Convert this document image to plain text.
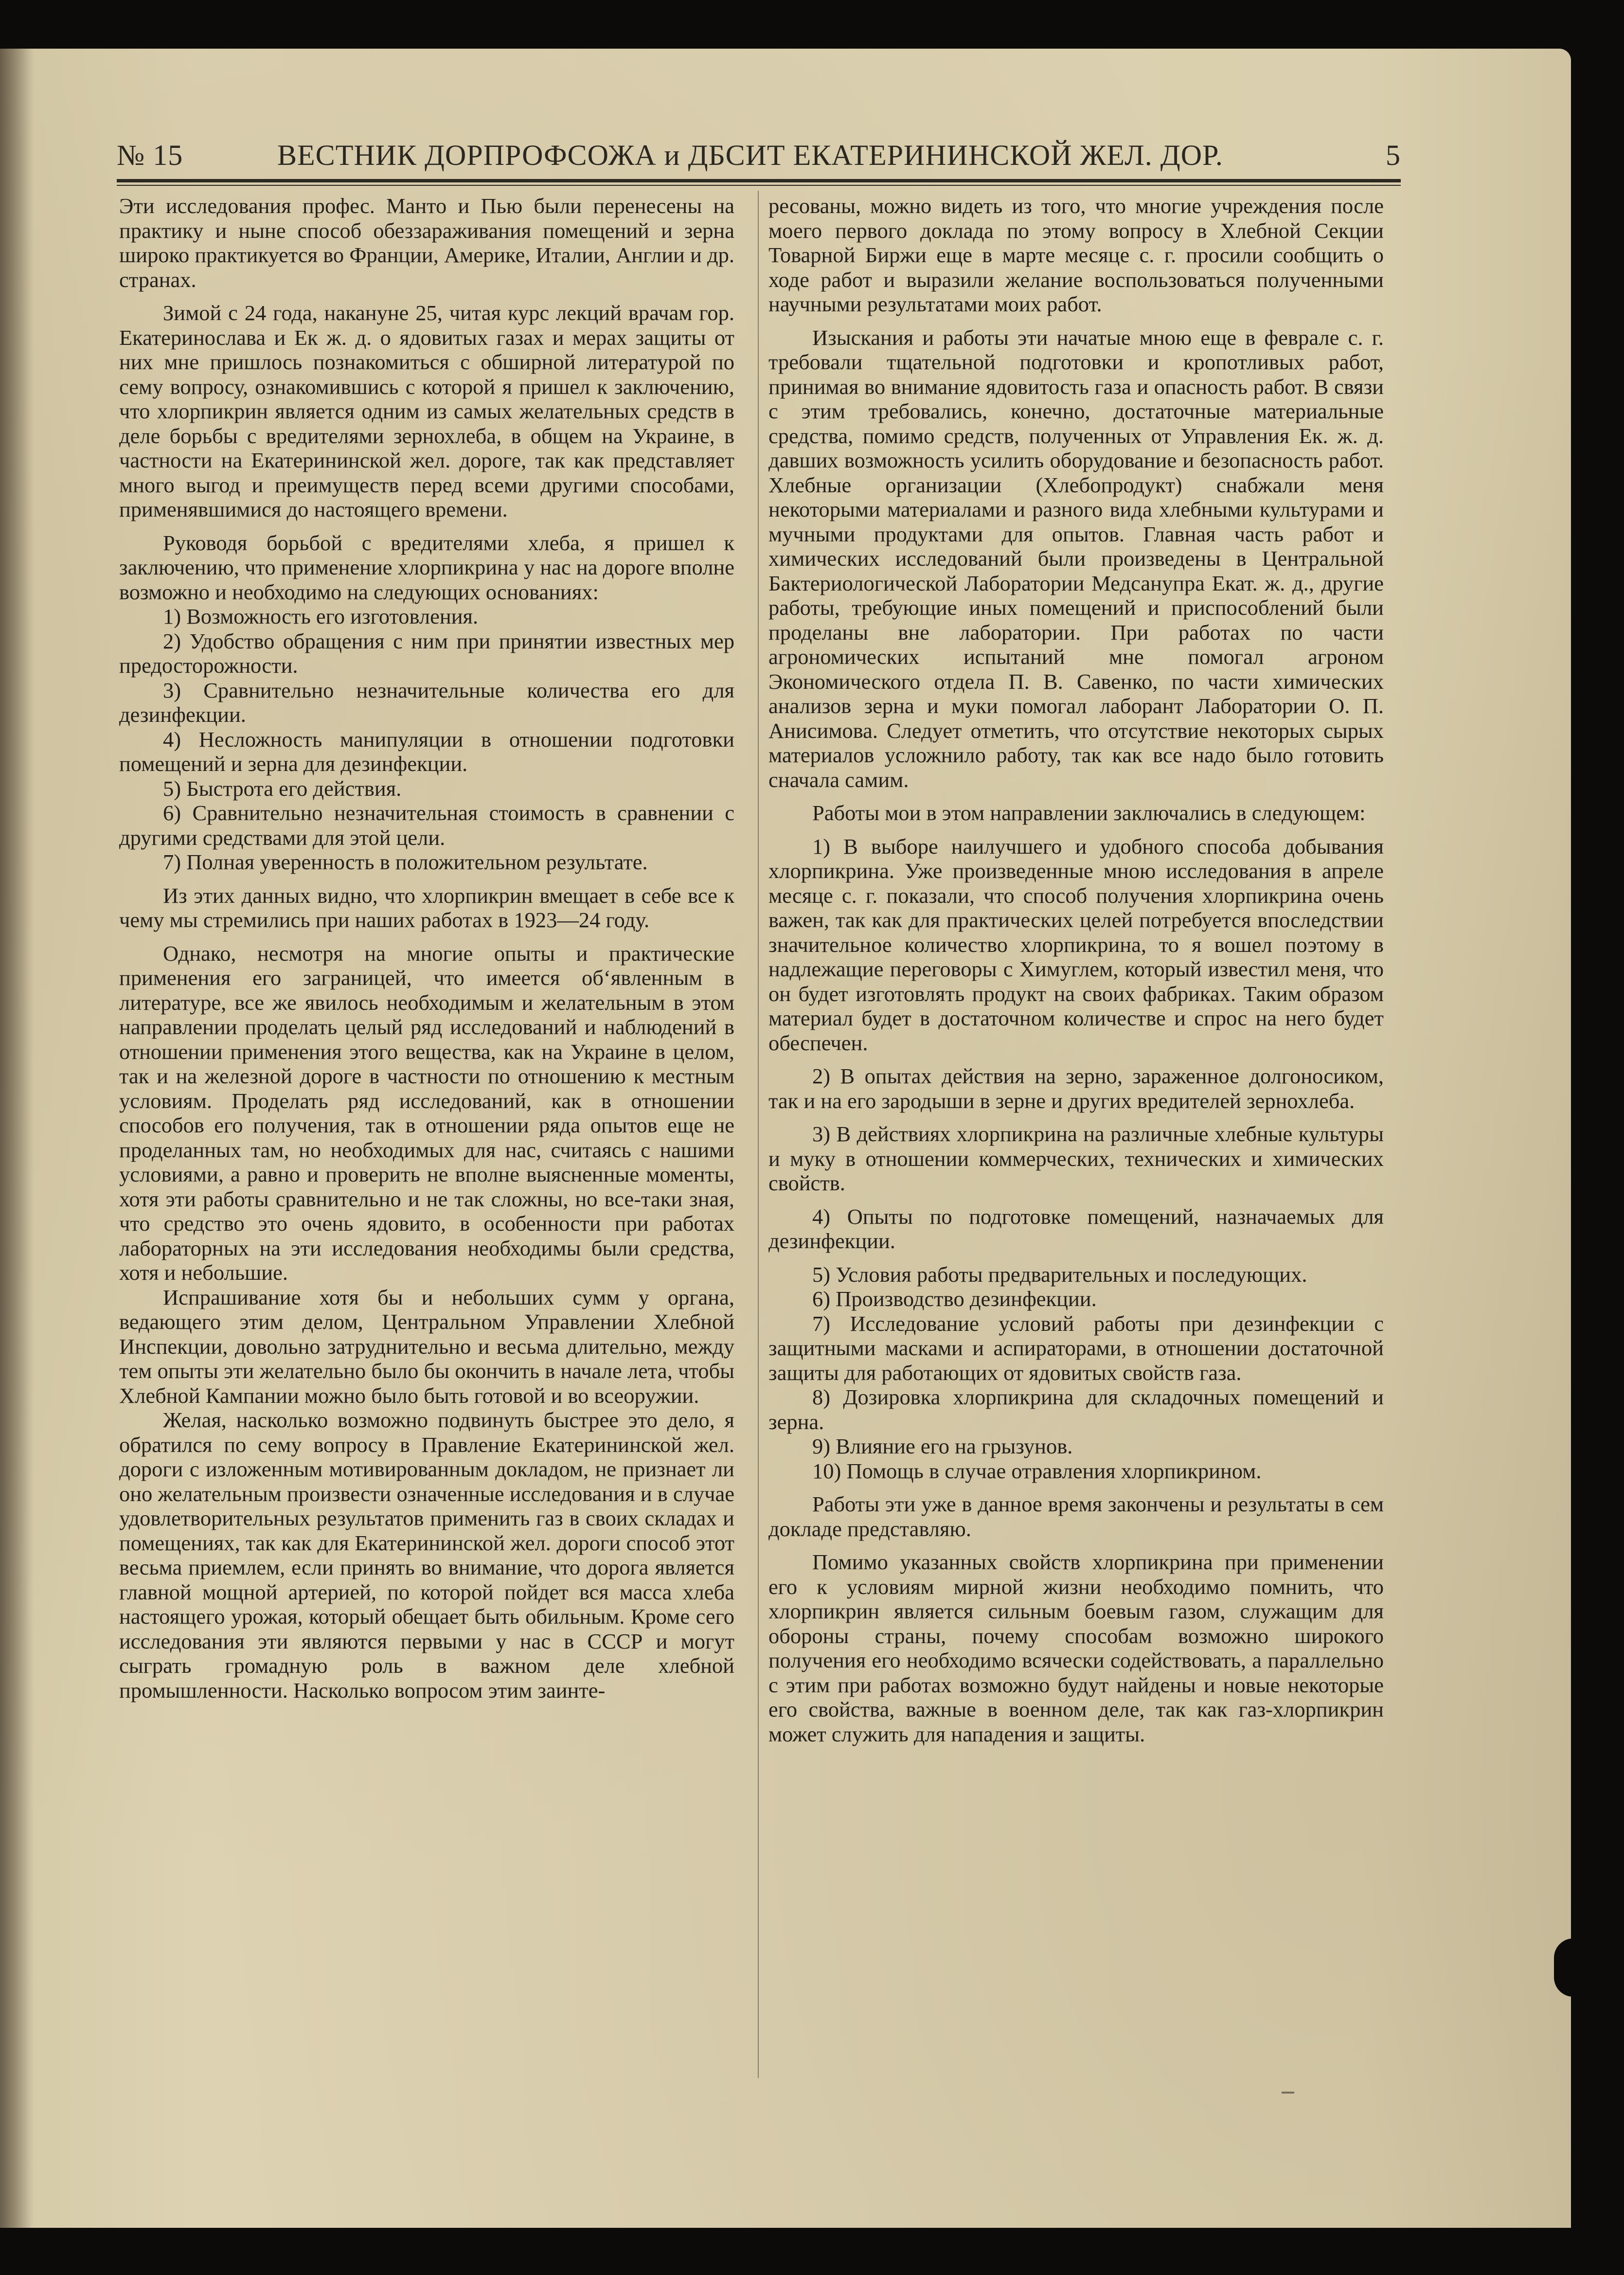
№ 15	ВЕСТНИК ДОРПРОФСОЖА и ДБСИТ ЕКАТЕРИНИНСКОЙ ЖЕЛ. ДОР.	5

Эти исследования профес. Манто и Пью были перенесены на практику и ныне способ обеззараживания помещений и зерна широко практикуется во Франции, Америке, Италии, Англии и др. странах.

Зимой с 24 года, накануне 25, читая курс лекций врачам гор. Екатеринослава и Ек ж. д. о ядовитых газах и мерах защиты от них мне пришлось познакомиться с обширной литературой по сему вопросу, ознакомившись с которой я пришел к заключению, что хлорпикрин является одним из самых желательных средств в деле борьбы с вредителями зернохлеба, в общем на Украине, в частности на Екатерининской жел. дороге, так как представляет много выгод и преимуществ перед всеми другими способами, применявшимися до настоящего времени.

Руководя борьбой с вредителями хлеба, я пришел к заключению, что применение хлорпикрина у нас на дороге вполне возможно и необходимо на следующих основаниях:

1) Возможность его изготовления.

2) Удобство обращения с ним при принятии известных мер предосторожности.

3) Сравнительно незначительные количества его для дезинфекции.

4) Несложность манипуляции в отношении подготовки помещений и зерна для дезинфекции.

5) Быстрота его действия.

6) Сравнительно незначительная стоимость в сравнении с другими средствами для этой цели.

7) Полная уверенность в положительном результате.

Из этих данных видно, что хлорпикрин вмещает в себе все к чему мы стремились при наших работах в 1923—24 году.

Однако, несмотря на многие опыты и практические применения его заграницей, что имеется об‘явленным в литературе, все же явилось необходимым и желательным в этом направлении проделать целый ряд исследований и наблюдений в отношении применения этого вещества, как на Украине в целом, так и на железной дороге в частности по отношению к местным условиям. Проделать ряд исследований, как в отношении способов его получения, так в отношении ряда опытов еще не проделанных там, но необходимых для нас, считаясь с нашими условиями, а равно и проверить не вполне выясненные моменты, хотя эти работы сравнительно и не так сложны, но все-таки зная, что средство это очень ядовито, в особенности при работах лабораторных на эти исследования необходимы были средства, хотя и небольшие.

Испрашивание хотя бы и небольших сумм у органа, ведающего этим делом, Центральном Управлении Хлебной Инспекции, довольно затруднительно и весьма длительно, между тем опыты эти желательно было бы окончить в начале лета, чтобы Хлебной Кампании можно было быть готовой и во всеоружии.

Желая, насколько возможно подвинуть быстрее это дело, я обратился по сему вопросу в Правление Екатерининской жел. дороги с изложенным мотивированным докладом, не признает ли оно желательным произвести означенные исследования и в случае удовлетворительных результатов применить газ в своих складах и помещениях, так как для Екатерининской жел. дороги способ этот весьма приемлем, если принять во внимание, что дорога является главной мощной артерией, по которой пойдет вся масса хлеба настоящего урожая, который обещает быть обильным. Кроме сего исследования эти являются первыми у нас в СССР и могут сыграть громадную роль в важном деле хлебной промышленности. Насколько вопросом этим заинте-

ресованы, можно видеть из того, что многие учреждения после моего первого доклада по этому вопросу в Хлебной Секции Товарной Биржи еще в марте месяце с. г. просили сообщить о ходе работ и выразили желание воспользоваться полученными научными результатами моих работ.

Изыскания и работы эти начатые мною еще в феврале с. г. требовали тщательной подготовки и кропотливых работ, принимая во внимание ядовитость газа и опасность работ. В связи с этим требовались, конечно, достаточные материальные средства, помимо средств, полученных от Управления Ек. ж. д. давших возможность усилить оборудование и безопасность работ. Хлебные организации (Хлебопродукт) снабжали меня некоторыми материалами и разного вида хлебными культурами и мучными продуктами для опытов. Главная часть работ и химических исследований были произведены в Центральной Бактериологической Лаборатории Медсанупра Екат. ж. д., другие работы, требующие иных помещений и приспособлений были проделаны вне лаборатории. При работах по части агрономических испытаний мне помогал агроном Экономического отдела П. В. Савенко, по части химических анализов зерна и муки помогал лаборант Лаборатории О. П. Анисимова. Следует отметить, что отсутствие некоторых сырых материалов усложнило работу, так как все надо было готовить сначала самим.

Работы мои в этом направлении заключались в следующем:

1) В выборе наилучшего и удобного способа добывания хлорпикрина. Уже произведенные мною исследования в апреле месяце с. г. показали, что способ получения хлорпикрина очень важен, так как для практических целей потребуется впоследствии значительное количество хлорпикрина, то я вошел поэтому в надлежащие переговоры с Химуглем, который известил меня, что он будет изготовлять продукт на своих фабриках. Таким образом материал будет в достаточном количестве и спрос на него будет обеспечен.

2) В опытах действия на зерно, зараженное долгоносиком, так и на его зародыши в зерне и других вредителей зернохлеба.

3) В действиях хлорпикрина на различные хлебные культуры и муку в отношении коммерческих, технических и химических свойств.

4) Опыты по подготовке помещений, назначаемых для дезинфекции.

5) Условия работы предварительных и последующих.

6) Производство дезинфекции.

7) Исследование условий работы при дезинфекции с защитными масками и аспираторами, в отношении достаточной защиты для работающих от ядовитых свойств газа.

8) Дозировка хлорпикрина для складочных помещений и зерна.

9) Влияние его на грызунов.

10) Помощь в случае отравления хлорпикрином.

Работы эти уже в данное время закончены и результаты в сем докладе представляю.

Помимо указанных свойств хлорпикрина при применении его к условиям мирной жизни необходимо помнить, что хлорпикрин является сильным боевым газом, служащим для обороны страны, почему способам возможно широкого получения его необходимо всячески содействовать, а параллельно с этим при работах возможно будут найдены и новые некоторые его свойства, важные в военном деле, так как газ-хлорпикрин может служить для нападения и защиты.
